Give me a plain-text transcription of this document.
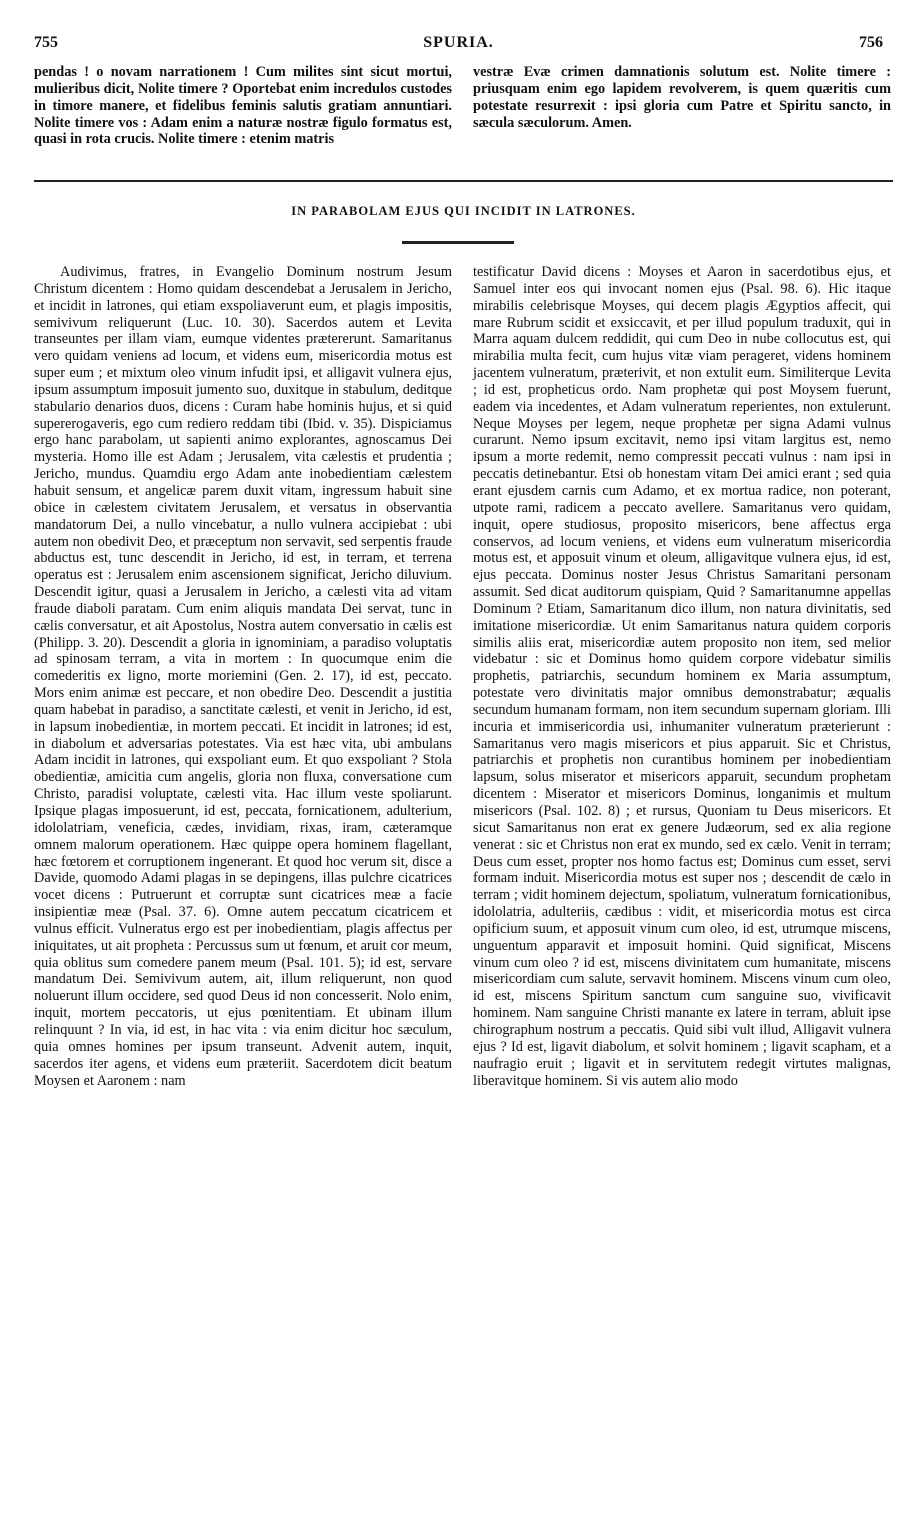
755	SPURIA.	756

pendas ! o novam narrationem ! Cum milites sint sicut mortui, mulieribus dicit, Nolite timere ? Oportebat enim incredulos custodes in timore manere, et fidelibus feminis salutis gratiam annuntiari. Nolite timere vos : Adam enim a naturæ nostræ figulo formatus est, quasi in rota crucis. Nolite timere : etenim matris

vestræ Evæ crimen damnationis solutum est. Nolite timere : priusquam enim ego lapidem revolverem, is quem quæritis cum potestate resurrexit : ipsi gloria cum Patre et Spiritu sancto, in sæcula sæculorum. Amen.

IN PARABOLAM EJUS QUI INCIDIT IN LATRONES.

Audivimus, fratres, in Evangelio Dominum nostrum Jesum Christum dicentem : Homo quidam descendebat a Jerusalem in Jericho, et incidit in latrones, qui etiam exspoliaverunt eum, et plagis impositis, semivivum reliquerunt (Luc. 10. 30). Sacerdos autem et Levita transeuntes per illam viam, eumque videntes prætererunt. Samaritanus vero quidam veniens ad locum, et videns eum, misericordia motus est super eum ; et mixtum oleo vinum infudit ipsi, et alligavit vulnera ejus, ipsum assumptum imposuit jumento suo, duxitque in stabulum, deditque stabulario denarios duos, dicens : Curam habe hominis hujus, et si quid supererogaveris, ego cum rediero reddam tibi (Ibid. v. 35). Dispiciamus ergo hanc parabolam, ut sapienti animo explorantes, agnoscamus Dei mysteria. Homo ille est Adam ; Jerusalem, vita cælestis et prudentia ; Jericho, mundus. Quamdiu ergo Adam ante inobedientiam cælestem habuit sensum, et angelicæ parem duxit vitam, ingressum habuit sine obice in cælestem civitatem Jerusalem, et versatus in observantia mandatorum Dei, a nullo vincebatur, a nullo vulnera accipiebat : ubi autem non obedivit Deo, et præceptum non servavit, sed serpentis fraude abductus est, tunc descendit in Jericho, id est, in terram, et terrena operatus est : Jerusalem enim ascensionem significat, Jericho diluvium. Descendit igitur, quasi a Jerusalem in Jericho, a cælesti vita ad vitam fraude diaboli paratam. Cum enim aliquis mandata Dei servat, tunc in cælis conversatur, et ait Apostolus, Nostra autem conversatio in cælis est (Philipp. 3. 20). Descendit a gloria in ignominiam, a paradiso voluptatis ad spinosam terram, a vita in mortem : In quocumque enim die comederitis ex ligno, morte moriemini (Gen. 2. 17), id est, peccato. Mors enim animæ est peccare, et non obedire Deo. Descendit a justitia quam habebat in paradiso, a sanctitate cælesti, et venit in Jericho, id est, in lapsum inobedientiæ, in mortem peccati. Et incidit in latrones; id est, in diabolum et adversarias potestates. Via est hæc vita, ubi ambulans Adam incidit in latrones, qui exspoliant eum. Et quo exspoliant ? Stola obedientiæ, amicitia cum angelis, gloria non fluxa, conversatione cum Christo, paradisi voluptate, cælesti vita. Hac illum veste spoliarunt. Ipsique plagas imposuerunt, id est, peccata, fornicationem, adulterium, idololatriam, veneficia, cædes, invidiam, rixas, iram, cæteramque omnem malorum operationem. Hæc quippe opera hominem flagellant, hæc fœtorem et corruptionem ingenerant. Et quod hoc verum sit, disce a Davide, quomodo Adami plagas in se depingens, illas pulchre cicatrices vocet dicens : Putruerunt et corruptæ sunt cicatrices meæ a facie insipientiæ meæ (Psal. 37. 6). Omne autem peccatum cicatricem et vulnus efficit. Vulneratus ergo est per inobedientiam, plagis affectus per iniquitates, ut ait propheta : Percussus sum ut fœnum, et aruit cor meum, quia oblitus sum comedere panem meum (Psal. 101. 5); id est, servare mandatum Dei. Semivivum autem, ait, illum reliquerunt, non quod noluerunt illum occidere, sed quod Deus id non concesserit. Nolo enim, inquit, mortem peccatoris, ut ejus pœnitentiam. Et ubinam illum relinquunt ? In via, id est, in hac vita : via enim dicitur hoc sæculum, quia omnes homines per ipsum transeunt. Advenit autem, inquit, sacerdos iter agens, et videns eum præteriit. Sacerdotem dicit beatum Moysen et Aaronem : nam

testificatur David dicens : Moyses et Aaron in sacerdotibus ejus, et Samuel inter eos qui invocant nomen ejus (Psal. 98. 6). Hic itaque mirabilis celebrisque Moyses, qui decem plagis Ægyptios affecit, qui mare Rubrum scidit et exsiccavit, et per illud populum traduxit, qui in Marra aquam dulcem reddidit, qui cum Deo in nube collocutus est, qui mirabilia multa fecit, cum hujus vitæ viam perageret, videns hominem jacentem vulneratum, præterivit, et non extulit eum. Similiterque Levita ; id est, propheticus ordo. Nam prophetæ qui post Moysem fuerunt, eadem via incedentes, et Adam vulneratum reperientes, non extulerunt. Neque Moyses per legem, neque prophetæ per signa Adami vulnus curarunt. Nemo ipsum excitavit, nemo ipsi vitam largitus est, nemo ipsum a morte redemit, nemo compressit peccati vulnus : nam ipsi in peccatis detinebantur. Etsi ob honestam vitam Dei amici erant ; sed quia erant ejusdem carnis cum Adamo, et ex mortua radice, non poterant, utpote rami, radicem a peccato avellere. Samaritanus vero quidam, inquit, opere studiosus, proposito misericors, bene affectus erga conservos, ad locum veniens, et videns eum vulneratum misericordia motus est, et apposuit vinum et oleum, alligavitque vulnera ejus, id est, ejus peccata. Dominus noster Jesus Christus Samaritani personam assumit. Sed dicat auditorum quispiam, Quid ? Samaritanumne appellas Dominum ? Etiam, Samaritanum dico illum, non natura divinitatis, sed imitatione misericordiæ. Ut enim Samaritanus natura quidem corporis similis aliis erat, misericordiæ autem proposito non item, sed melior videbatur : sic et Dominus homo quidem corpore videbatur similis prophetis, patriarchis, secundum hominem ex Maria assumptum, potestate vero divinitatis major omnibus demonstrabatur; æqualis secundum humanam formam, non item secundum supernam gloriam. Illi incuria et immisericordia usi, inhumaniter vulneratum præterierunt : Samaritanus vero magis misericors et pius apparuit. Sic et Christus, patriarchis et prophetis non curantibus hominem per inobedientiam lapsum, solus miserator et misericors apparuit, secundum prophetam dicentem : Miserator et misericors Dominus, longanimis et multum misericors (Psal. 102. 8) ; et rursus, Quoniam tu Deus misericors. Et sicut Samaritanus non erat ex genere Judæorum, sed ex alia regione venerat : sic et Christus non erat ex mundo, sed ex cælo. Venit in terram; Deus cum esset, propter nos homo factus est; Dominus cum esset, servi formam induit. Misericordia motus est super nos ; descendit de cælo in terram ; vidit hominem dejectum, spoliatum, vulneratum fornicationibus, idololatria, adulteriis, cædibus : vidit, et misericordia motus est circa opificium suum, et apposuit vinum cum oleo, id est, utrumque miscens, unguentum apparavit et imposuit homini. Quid significat, Miscens vinum cum oleo ? id est, miscens divinitatem cum humanitate, miscens misericordiam cum salute, servavit hominem. Miscens vinum cum oleo, id est, miscens Spiritum sanctum cum sanguine suo, vivificavit hominem. Nam sanguine Christi manante ex latere in terram, abluit ipse chirographum nostrum a peccatis. Quid sibi vult illud, Alligavit vulnera ejus ? Id est, ligavit diabolum, et solvit hominem ; ligavit scapham, et a naufragio eruit ; ligavit et in servitutem redegit virtutes malignas, liberavitque hominem. Si vis autem alio modo
